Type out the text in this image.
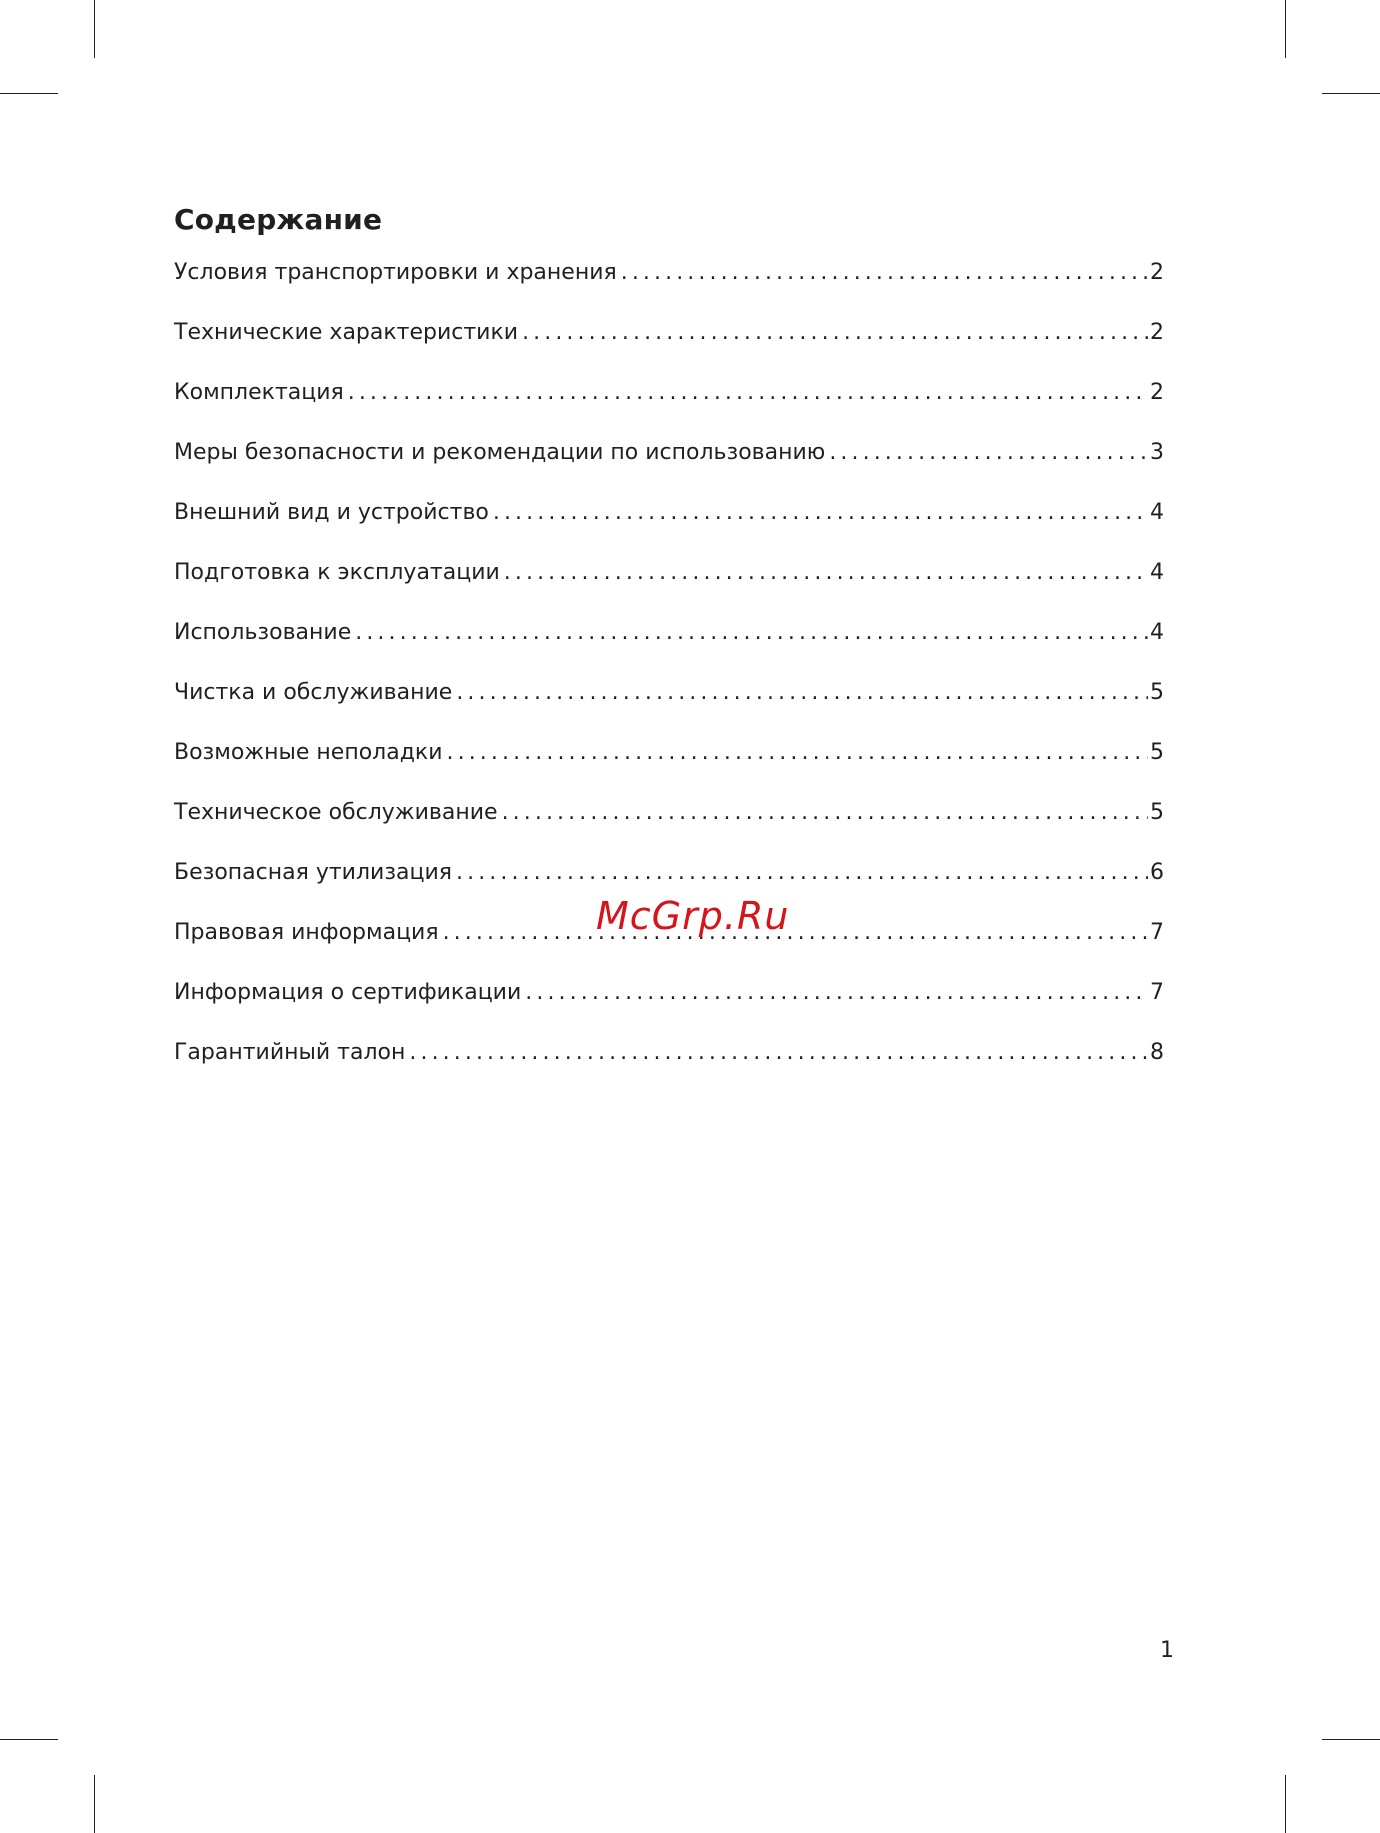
Содержание
Условия транспортировки и хранения .....	2
Технические характеристики .....	2
Комплектация .....	2
Меры безопасности и рекомендации по использованию .....	3
Внешний вид и устройство .....	4
Подготовка к эксплуатации .....	4
Использование .....	4
Чистка и обслуживание .....	5
Возможные неполадки .....	5
Техническое обслуживание .....	5
Безопасная утилизация .....	6
Правовая информация .....	7
Информация о сертификации .....	7
Гарантийный талон .....	8
McGrp.Ru
1
